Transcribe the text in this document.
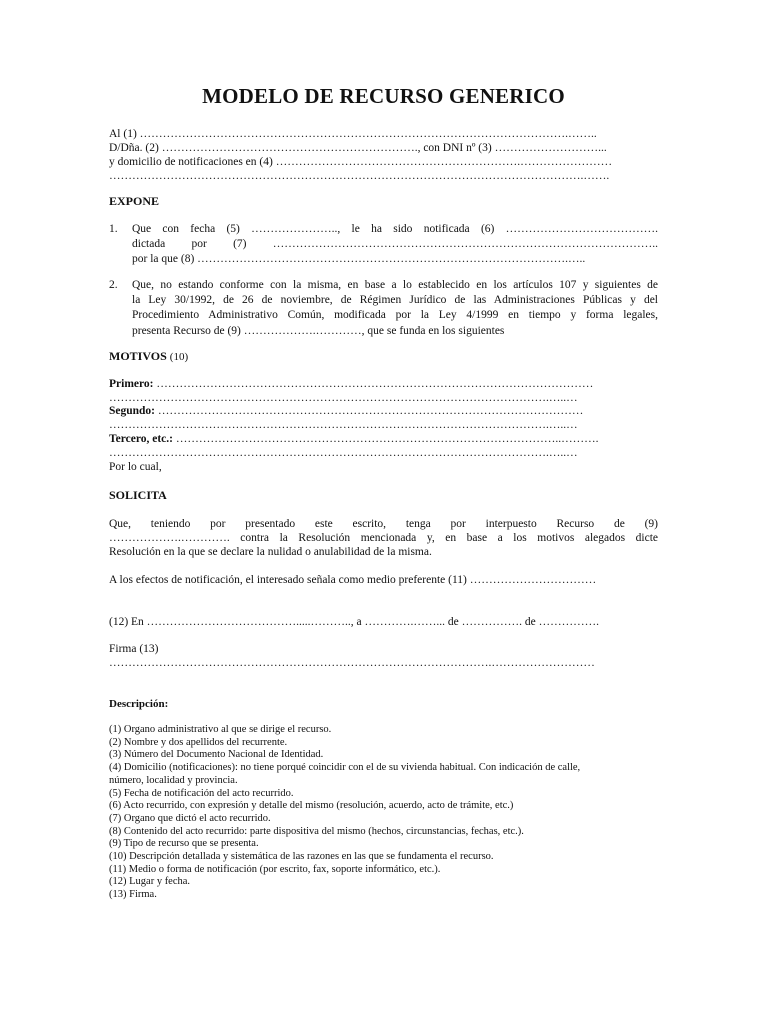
MODELO DE RECURSO GENERICO
Al (1) ………………………………………………………………………………………………….……..
D/Dña. (2) …………………………………………………………., con DNI nº (3) ………………………...
y domicilio de notificaciones en (4) ……………………………………………………….……………………
…………………………………………………………………………………………………………….…….
EXPONE
1. Que con fecha (5) ………………….., le ha sido notificada (6) ………………………………….
dictada por (7) ………………………………………………………………………………………..
por la que (8) …………………………………………………………………………………….…..
2. Que, no estando conforme con la misma, en base a lo establecido en los artículos 107 y siguientes de
la Ley 30/1992, de 26 de noviembre, de Régimen Jurídico de las Administraciones Públicas y del
Procedimiento Administrativo Común, modificada por la Ley 4/1999 en tiempo y forma legales,
presenta Recurso de (9) ……………….…………, que se funda en los siguientes
MOTIVOS (10)
Primero: ……………………………………………………………………………………………………
…………………………………………………………………………………………………….…..…
Segundo: …………………………………………………………………………………………………
…………………………………………………………………………………………………….…..…
Tercero, etc.: ………………………………………………………………………………………..……….
…………………………………………………………………………………………………….…..…
Por lo cual,
SOLICITA
Que, teniendo por presentado este escrito, tenga por interpuesto Recurso de (9)
……………….…………. contra la Resolución mencionada y, en base a los motivos alegados dicte
Resolución en la que se declare la nulidad o anulabilidad de la misma.
A los efectos de notificación, el interesado señala como medio preferente (11) ……………………………
(12) En ………………………………….....……….., a ………….……... de ……………. de …………….
Firma (13)
……………………………………………………………………………………….………………………
Descripción:
(1) Organo administrativo al que se dirige el recurso.
(2) Nombre y dos apellidos del recurrente.
(3) Número del Documento Nacional de Identidad.
(4) Domicilio (notificaciones): no tiene porqué coincidir con el de su vivienda habitual. Con indicación de calle,
número, localidad y provincia.
(5) Fecha de notificación del acto recurrido.
(6) Acto recurrido, con expresión y detalle del mismo (resolución, acuerdo, acto de trámite, etc.)
(7) Organo que dictó el acto recurrido.
(8) Contenido del acto recurrido: parte dispositiva del mismo (hechos, circunstancias, fechas, etc.).
(9) Tipo de recurso que se presenta.
(10) Descripción detallada y sistemática de las razones en las que se fundamenta el recurso.
(11) Medio o forma de notificación (por escrito, fax, soporte informático, etc.).
(12) Lugar y fecha.
(13) Firma.
